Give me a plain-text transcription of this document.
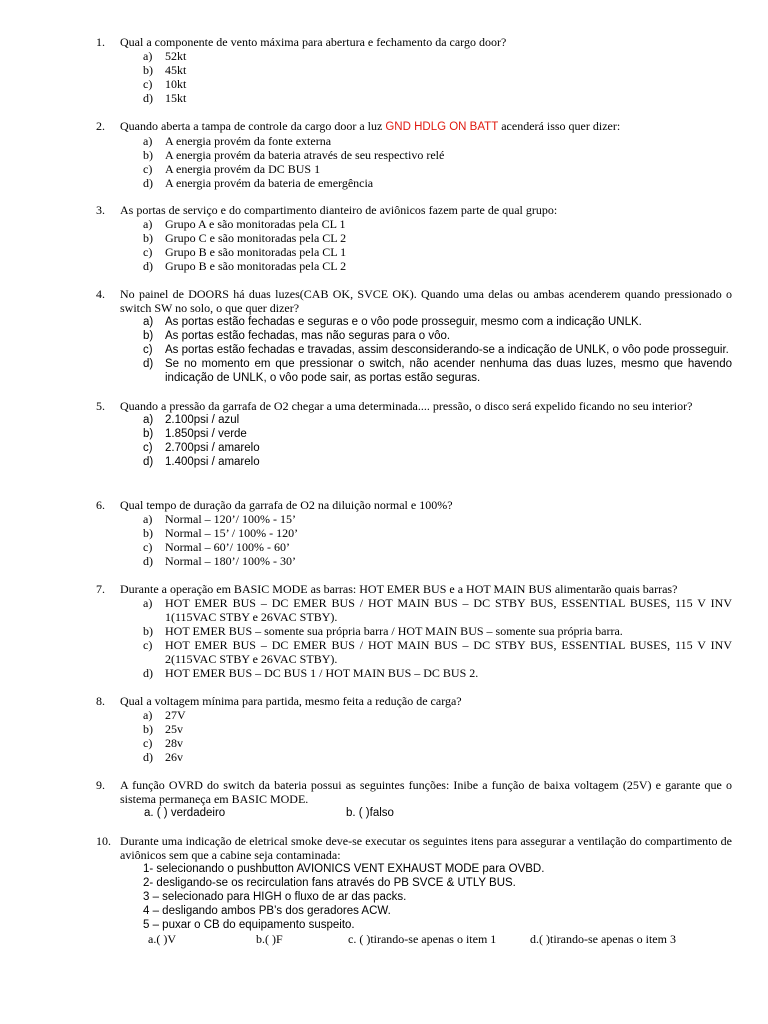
1. Qual a componente de vento máxima para abertura e fechamento da cargo door?
a)	52kt
b)	45kt
c)	10kt
d)	15kt
2. Quando aberta a tampa de controle da cargo door a luz GND HDLG ON BATT acenderá isso quer dizer:
a)	A energia provém da fonte externa
b)	A energia provém da bateria através de seu respectivo relé
c)	A energia provém da DC BUS 1
d)	A energia provém da bateria de emergência
3. As portas de serviço e do compartimento dianteiro de aviônicos fazem parte de qual grupo:
a)	Grupo A e são monitoradas pela CL 1
b)	Grupo C e são monitoradas pela CL 2
c)	Grupo B e são monitoradas pela CL 1
d)	Grupo B e são monitoradas pela CL 2
4. No painel de DOORS há duas luzes(CAB OK, SVCE OK). Quando uma delas ou ambas acenderem quando pressionado o switch SW no solo, o que quer dizer?
a)	As portas estão fechadas e seguras e o vôo pode prosseguir, mesmo com a indicação UNLK.
b)	As portas estão fechadas, mas não seguras para o vôo.
c)	As portas estão fechadas e travadas, assim desconsiderando-se a indicação de UNLK, o vôo pode prosseguir.
d)	Se no momento em que pressionar o switch, não acender nenhuma das duas luzes, mesmo que havendo indicação de UNLK, o vôo pode sair, as portas estão seguras.
5. Quando a pressão da garrafa de O2 chegar a uma determinada.... pressão, o disco será expelido ficando no seu interior?
a)	2.100psi / azul
b)	1.850psi / verde
c)	2.700psi / amarelo
d)	1.400psi / amarelo
6. Qual tempo de duração da garrafa de O2 na diluição normal e 100%?
a)	Normal – 120’/ 100% - 15’
b)	Normal – 15’ / 100% - 120’
c)	Normal – 60’/ 100% - 60’
d)	Normal – 180’/ 100% - 30’
7. Durante a operação em BASIC MODE as barras: HOT EMER BUS e a HOT MAIN BUS alimentarão quais barras?
a)	HOT EMER BUS – DC EMER BUS / HOT MAIN BUS – DC STBY BUS, ESSENTIAL BUSES, 115 V INV 1(115VAC STBY e 26VAC STBY).
b)	HOT EMER BUS – somente sua própria barra / HOT MAIN BUS – somente sua própria barra.
c)	HOT EMER BUS – DC EMER BUS / HOT MAIN BUS – DC STBY BUS, ESSENTIAL BUSES, 115 V INV 2(115VAC STBY e 26VAC STBY).
d)	HOT EMER BUS – DC BUS 1 / HOT MAIN BUS – DC BUS 2.
8. Qual a voltagem mínima para partida, mesmo feita a redução de carga?
a)	27V
b)	25v
c)	28v
d)	26v
9. A função OVRD do switch da bateria possui as seguintes funções: Inibe a função de baixa voltagem (25V) e garante que o sistema permaneça em BASIC MODE.
a. ( ) verdadeiro	b. ( )falso
10. Durante uma indicação de eletrical smoke deve-se executar os seguintes itens para assegurar a ventilação do compartimento de aviônicos sem que a cabine seja contaminada:
1- selecionando o pushbutton AVIONICS VENT EXHAUST MODE para OVBD.
2- desligando-se os recirculation fans através do PB SVCE & UTLY BUS.
3 – selecionado para HIGH o fluxo de ar das packs.
4 – desligando ambos PB’s dos geradores ACW.
5 – puxar o CB do equipamento suspeito.
a.( )V	b.( )F	c. ( )tirando-se apenas o item 1	d.( )tirando-se apenas o item 3
